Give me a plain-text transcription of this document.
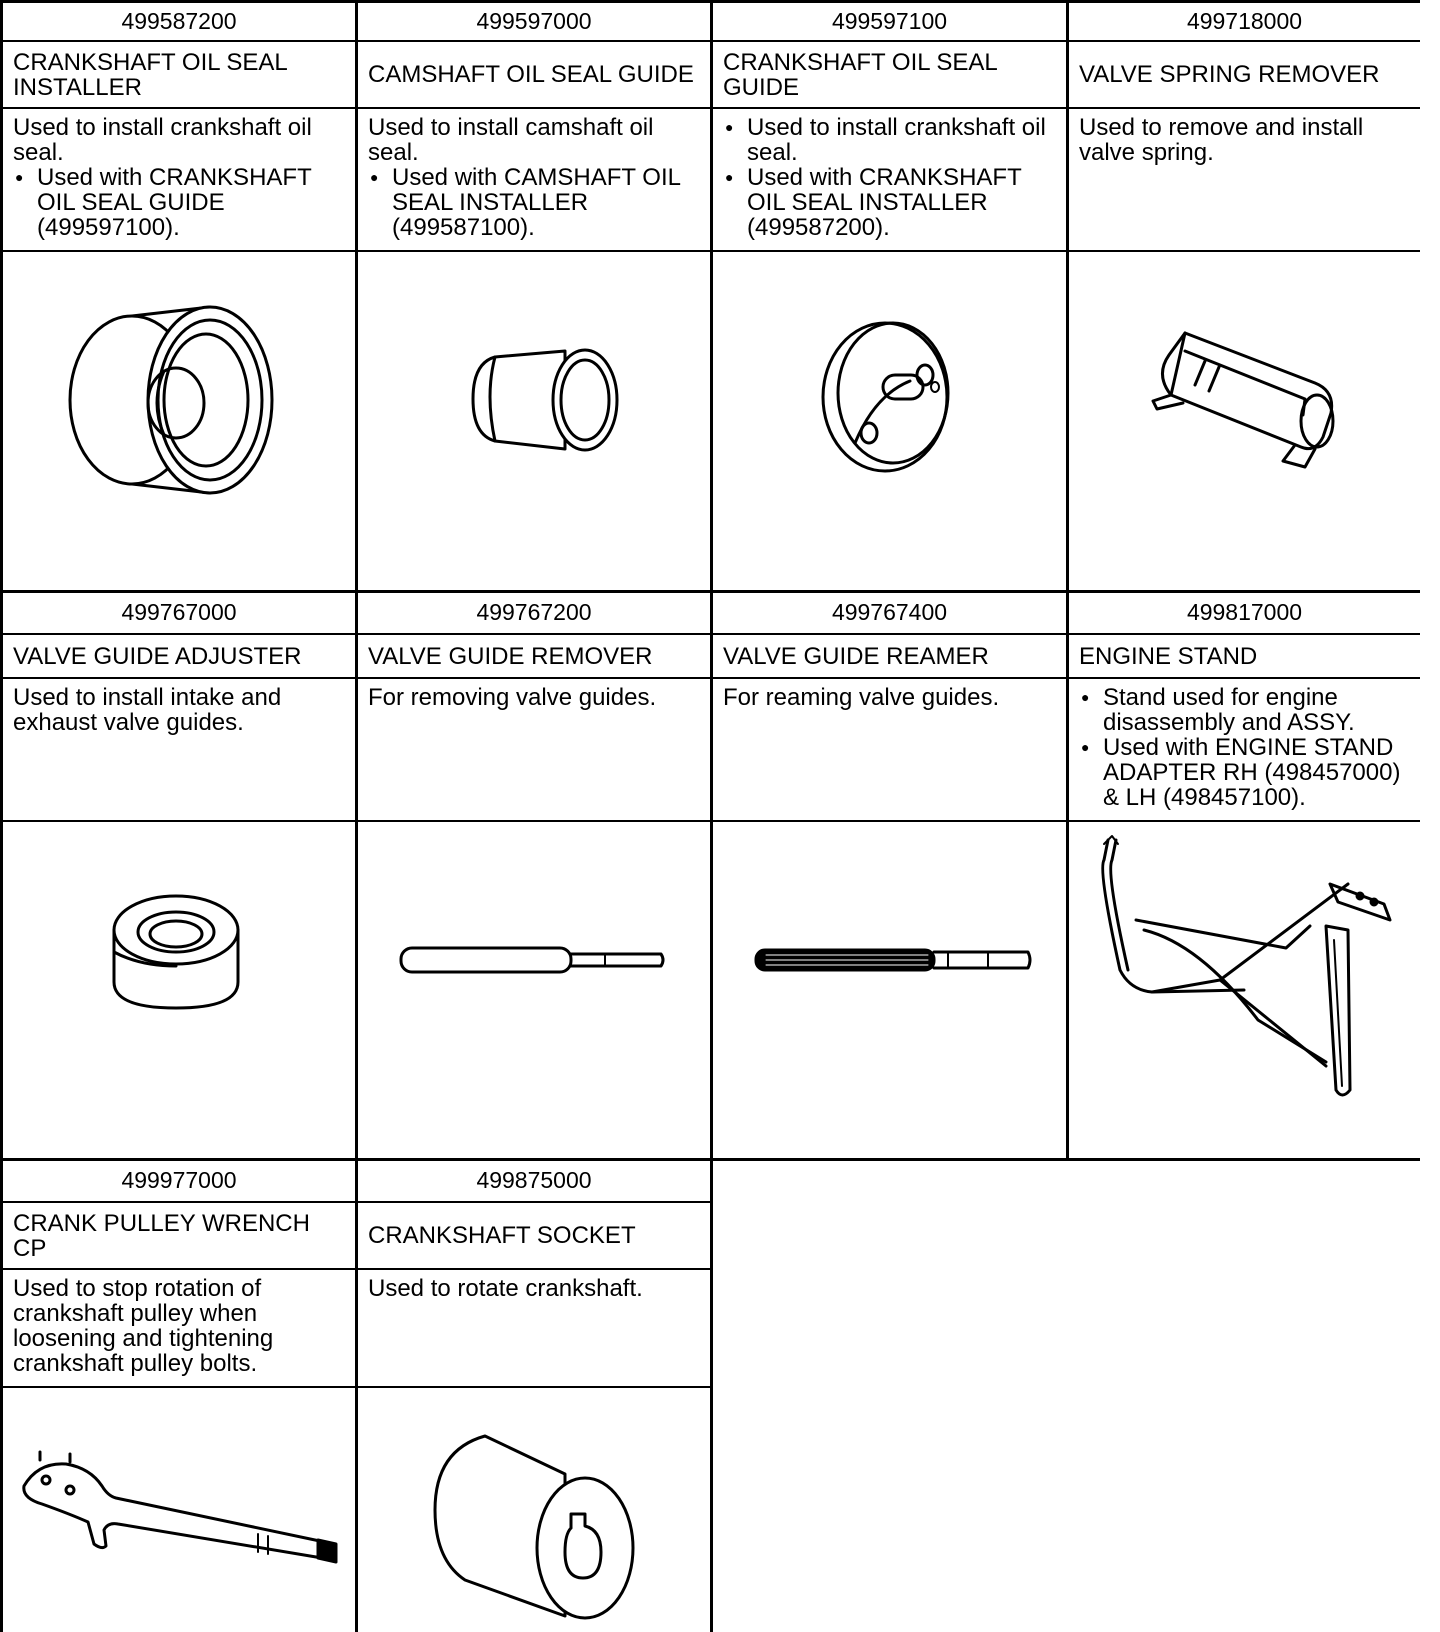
499587200	499597000	499597100	499718000
CRANKSHAFT OIL SEAL INSTALLER	CAMSHAFT OIL SEAL GUIDE	CRANKSHAFT OIL SEAL GUIDE	VALVE SPRING REMOVER
Used to install crankshaft oil seal.
● Used with CRANKSHAFT OIL SEAL GUIDE (499597100).
Used to install camshaft oil seal.
● Used with CAMSHAFT OIL SEAL INSTALLER (499587100).
● Used to install crankshaft oil seal.
● Used with CRANKSHAFT OIL SEAL INSTALLER (499587200).
Used to remove and install valve spring.
499767000	499767200	499767400	499817000
VALVE GUIDE ADJUSTER	VALVE GUIDE REMOVER	VALVE GUIDE REAMER	ENGINE STAND
Used to install intake and exhaust valve guides.
For removing valve guides.	For reaming valve guides.
●	Stand used for engine disassembly and ASSY.
● Used with ENGINE STAND ADAPTER RH (498457000) & LH (498457100).
499977000	499875000
CRANK PULLEY WRENCH CP	CRANKSHAFT SOCKET
Used to stop rotation of crankshaft pulley when loosening and tightening crankshaft pulley bolts.
Used to rotate crankshaft.
